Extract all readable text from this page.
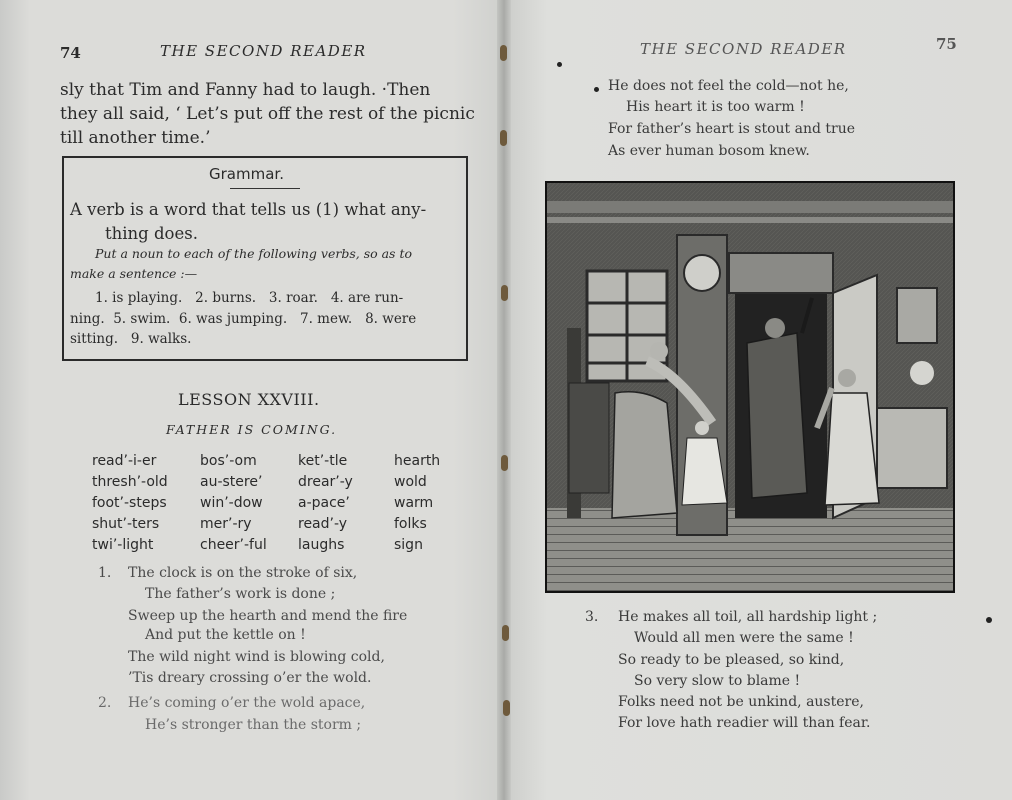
74	THE SECOND READER
sly that Tim and Fanny had to laugh. ·Then
they all said, ‘ Let’s put off the rest of the picnic
till another time.’
Grammar.
A verb is a word that tells us (1) what any-
thing does.
Put a noun to each of the following verbs, so as to
make a sentence :—
1. is playing.   2. burns.   3. roar.   4. are run-
ning.  5. swim.  6. was jumping.   7. mew.   8. were
sitting.   9. walks.
LESSON XXVIII.
FATHER IS COMING.
read’-i-er
thresh’-old
foot’-steps
shut’-ters
twi’-light
bos’-om
au-stere’
win’-dow
mer’-ry
cheer’-ful
ket’-tle
drear’-y
a-pace’
read’-y
laughs
hearth
wold
warm
folks
sign
1. The clock is on the stroke of six,
The father’s work is done ;
Sweep up the hearth and mend the fire
And put the kettle on !
The wild night wind is blowing cold,
’Tis dreary crossing o’er the wold.
2. He’s coming o’er the wold apace,
He’s stronger than the storm ;
THE SECOND READER	75
He does not feel the cold—not he,
His heart it is too warm !
For father’s heart is stout and true
As ever human bosom knew.
3. He makes all toil, all hardship light ;
Would all men were the same !
So ready to be pleased, so kind,
So very slow to blame !
Folks need not be unkind, austere,
For love hath readier will than fear.
